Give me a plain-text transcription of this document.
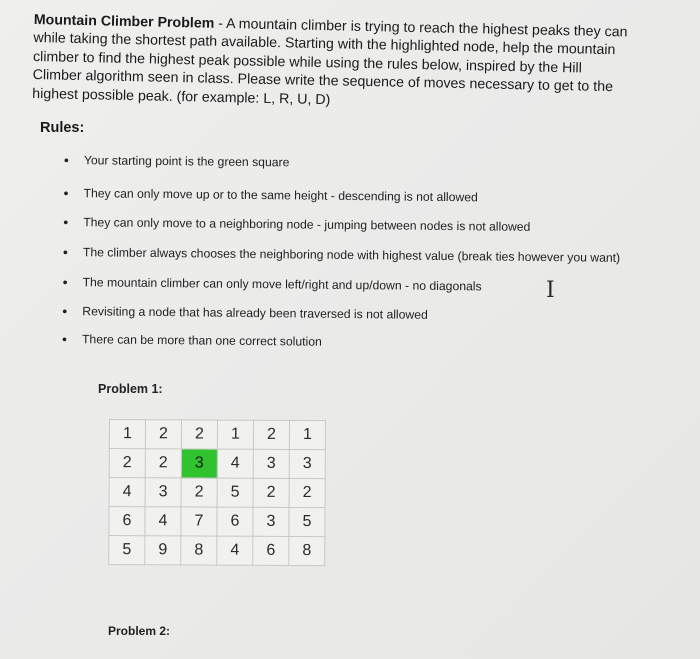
Mountain Climber Problem - A mountain climber is trying to reach the highest peaks they can while taking the shortest path available. Starting with the highlighted node, help the mountain climber to find the highest peak possible while using the rules below, inspired by the Hill Climber algorithm seen in class. Please write the sequence of moves necessary to get to the highest possible peak. (for example: L, R, U, D)
Rules:
• Your starting point is the green square
• They can only move up or to the same height - descending is not allowed
• They can only move to a neighboring node - jumping between nodes is not allowed
• The climber always chooses the neighboring node with highest value (break ties however you want)
• The mountain climber can only move left/right and up/down - no diagonals
• Revisiting a node that has already been traversed is not allowed
• There can be more than one correct solution
I
Problem 1:
1	2	2	1	2	1
2	2	3	4	3	3
4	3	2	5	2	2
6	4	7	6	3	5
5	9	8	4	6	8
Problem 2:
